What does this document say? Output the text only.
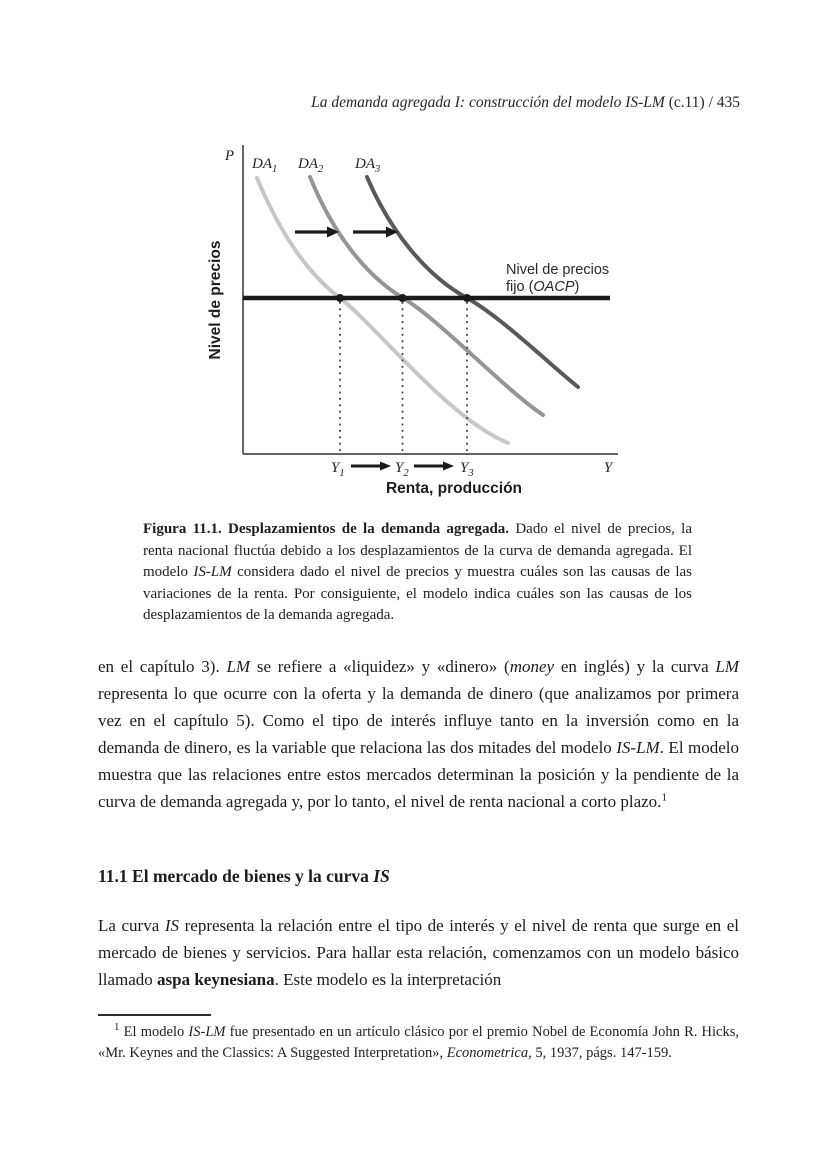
La demanda agregada I: construcción del modelo IS-LM (c.11) / 435
P
Y
$DA_1$ $DA_2$ $DA_3$
Nivel de precios
fijo (OACP)
$Y_1$	$Y_2$	$Y_3$
Nivel de precios
Renta, producción
Figura 11.1. Desplazamientos de la demanda agregada. Dado el nivel de precios, la renta nacional fluctúa debido a los desplazamientos de la curva de demanda agregada. El modelo IS-LM considera dado el nivel de precios y muestra cuáles son las causas de las variaciones de la renta. Por consiguiente, el modelo indica cuáles son las causas de los desplazamientos de la demanda agregada.
en el capítulo 3). LM se refiere a «liquidez» y «dinero» (money en inglés) y la curva LM representa lo que ocurre con la oferta y la demanda de dinero (que analizamos por primera vez en el capítulo 5). Como el tipo de interés influye tanto en la inversión como en la demanda de dinero, es la variable que relaciona las dos mitades del modelo IS-LM. El modelo muestra que las relaciones entre estos mercados determinan la posición y la pendiente de la curva de demanda agregada y, por lo tanto, el nivel de renta nacional a corto plazo.$^1$
11.1 El mercado de bienes y la curva IS
La curva IS representa la relación entre el tipo de interés y el nivel de renta que surge en el mercado de bienes y servicios. Para hallar esta relación, comenzamos con un modelo básico llamado aspa keynesiana. Este modelo es la interpretación
$^1$ El modelo IS-LM fue presentado en un artículo clásico por el premio Nobel de Economía John R. Hicks, «Mr. Keynes and the Classics: A Suggested Interpretation», Econometrica, 5, 1937, págs. 147-159.
